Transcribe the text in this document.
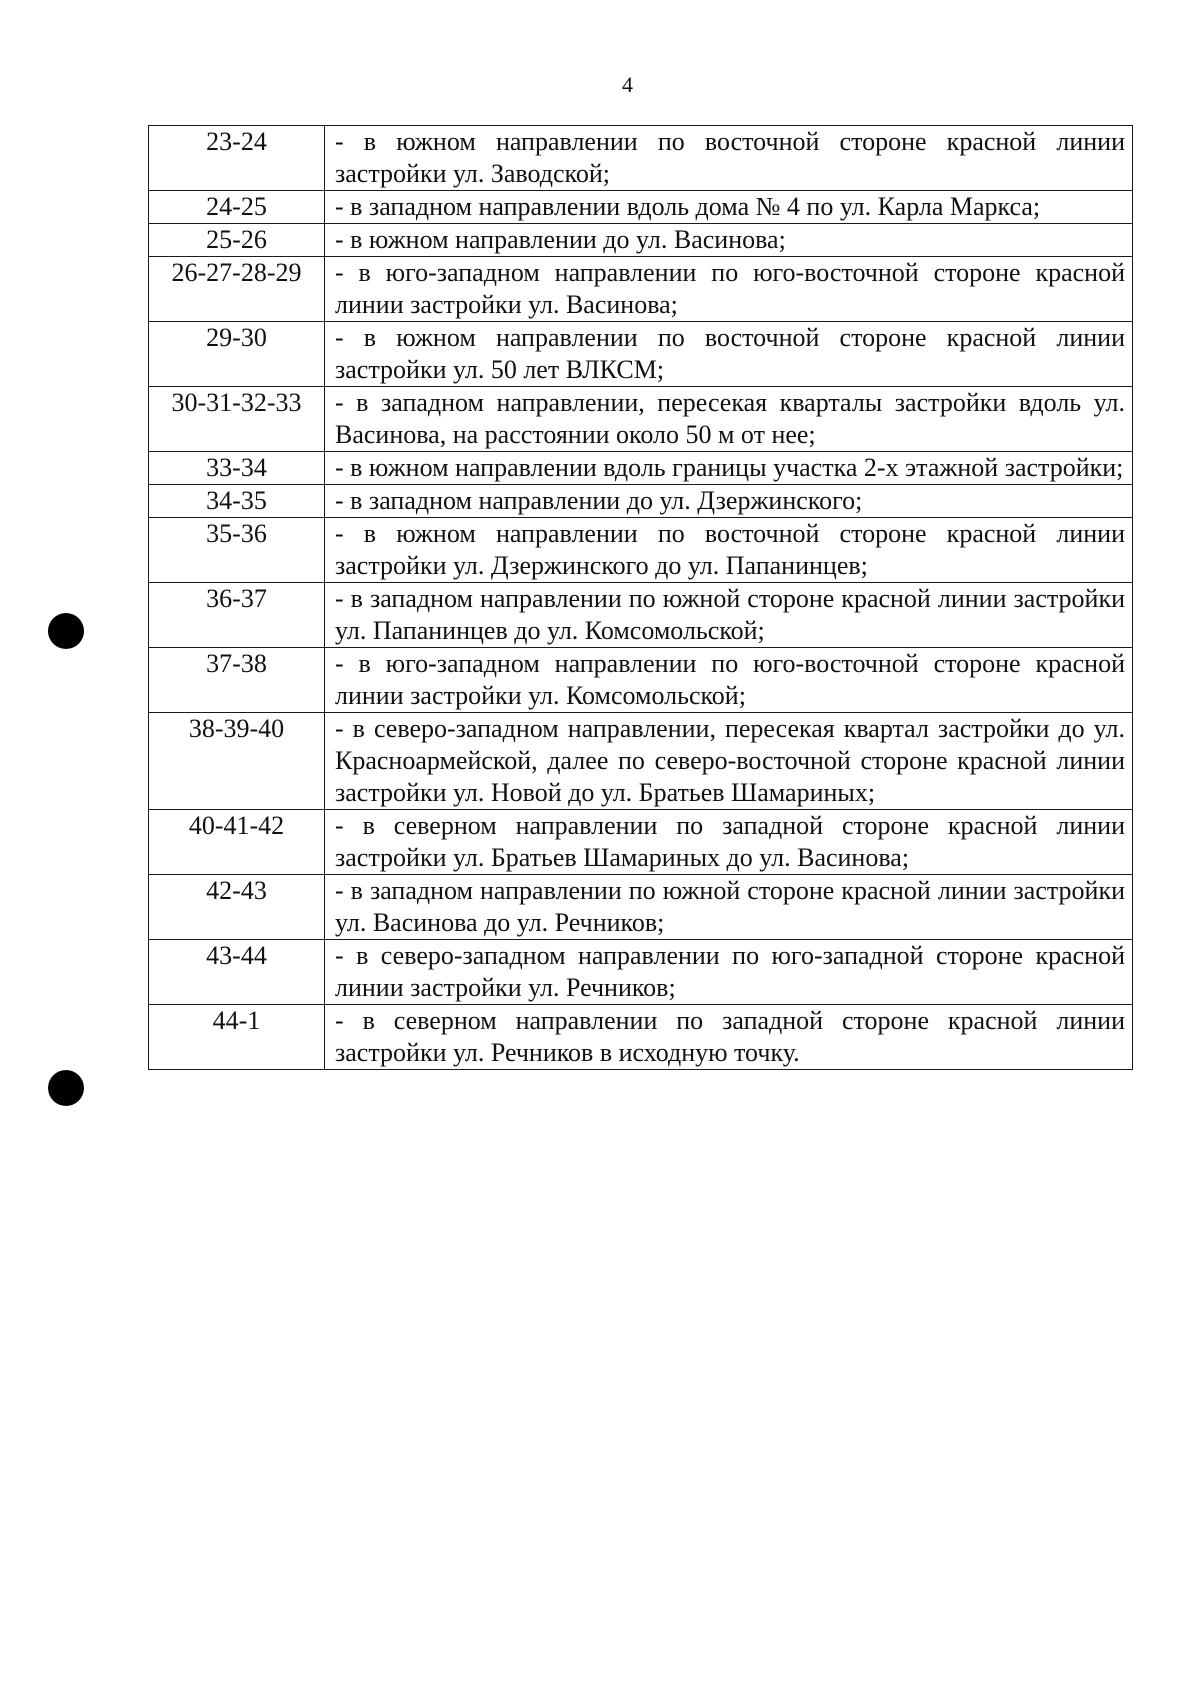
4
23-24	- в южном направлении по восточной стороне красной линии застройки ул. Заводской;
24-25	- в западном направлении вдоль дома № 4 по ул. Карла Маркса;
25-26	- в южном направлении до ул. Васинова;
26-27-28-29	- в юго-западном направлении по юго-восточной стороне красной линии застройки ул. Васинова;
29-30	- в южном направлении по восточной стороне красной линии застройки ул. 50 лет ВЛКСМ;
30-31-32-33	- в западном направлении, пересекая кварталы застройки вдоль ул. Васинова, на расстоянии около 50 м от нее;
33-34	- в южном направлении вдоль границы участка 2-х этажной застройки;
34-35	- в западном направлении до ул. Дзержинского;
35-36	- в южном направлении по восточной стороне красной линии застройки ул. Дзержинского до ул. Папанинцев;
36-37	- в западном направлении по южной стороне красной линии застройки ул. Папанинцев до ул. Комсомольской;
37-38	- в юго-западном направлении по юго-восточной стороне красной линии застройки ул. Комсомольской;
38-39-40	- в северо-западном направлении, пересекая квартал застройки до ул. Красноармейской, далее по северо-восточной стороне красной линии застройки ул. Новой до ул. Братьев Шамариных;
40-41-42	- в северном направлении по западной стороне красной линии застройки ул. Братьев Шамариных до ул. Васинова;
42-43	- в западном направлении по южной стороне красной линии застройки ул. Васинова до ул. Речников;
43-44	- в северо-западном направлении по юго-западной стороне красной линии застройки ул. Речников;
44-1	- в северном направлении по западной стороне красной линии застройки ул. Речников в исходную точку.
